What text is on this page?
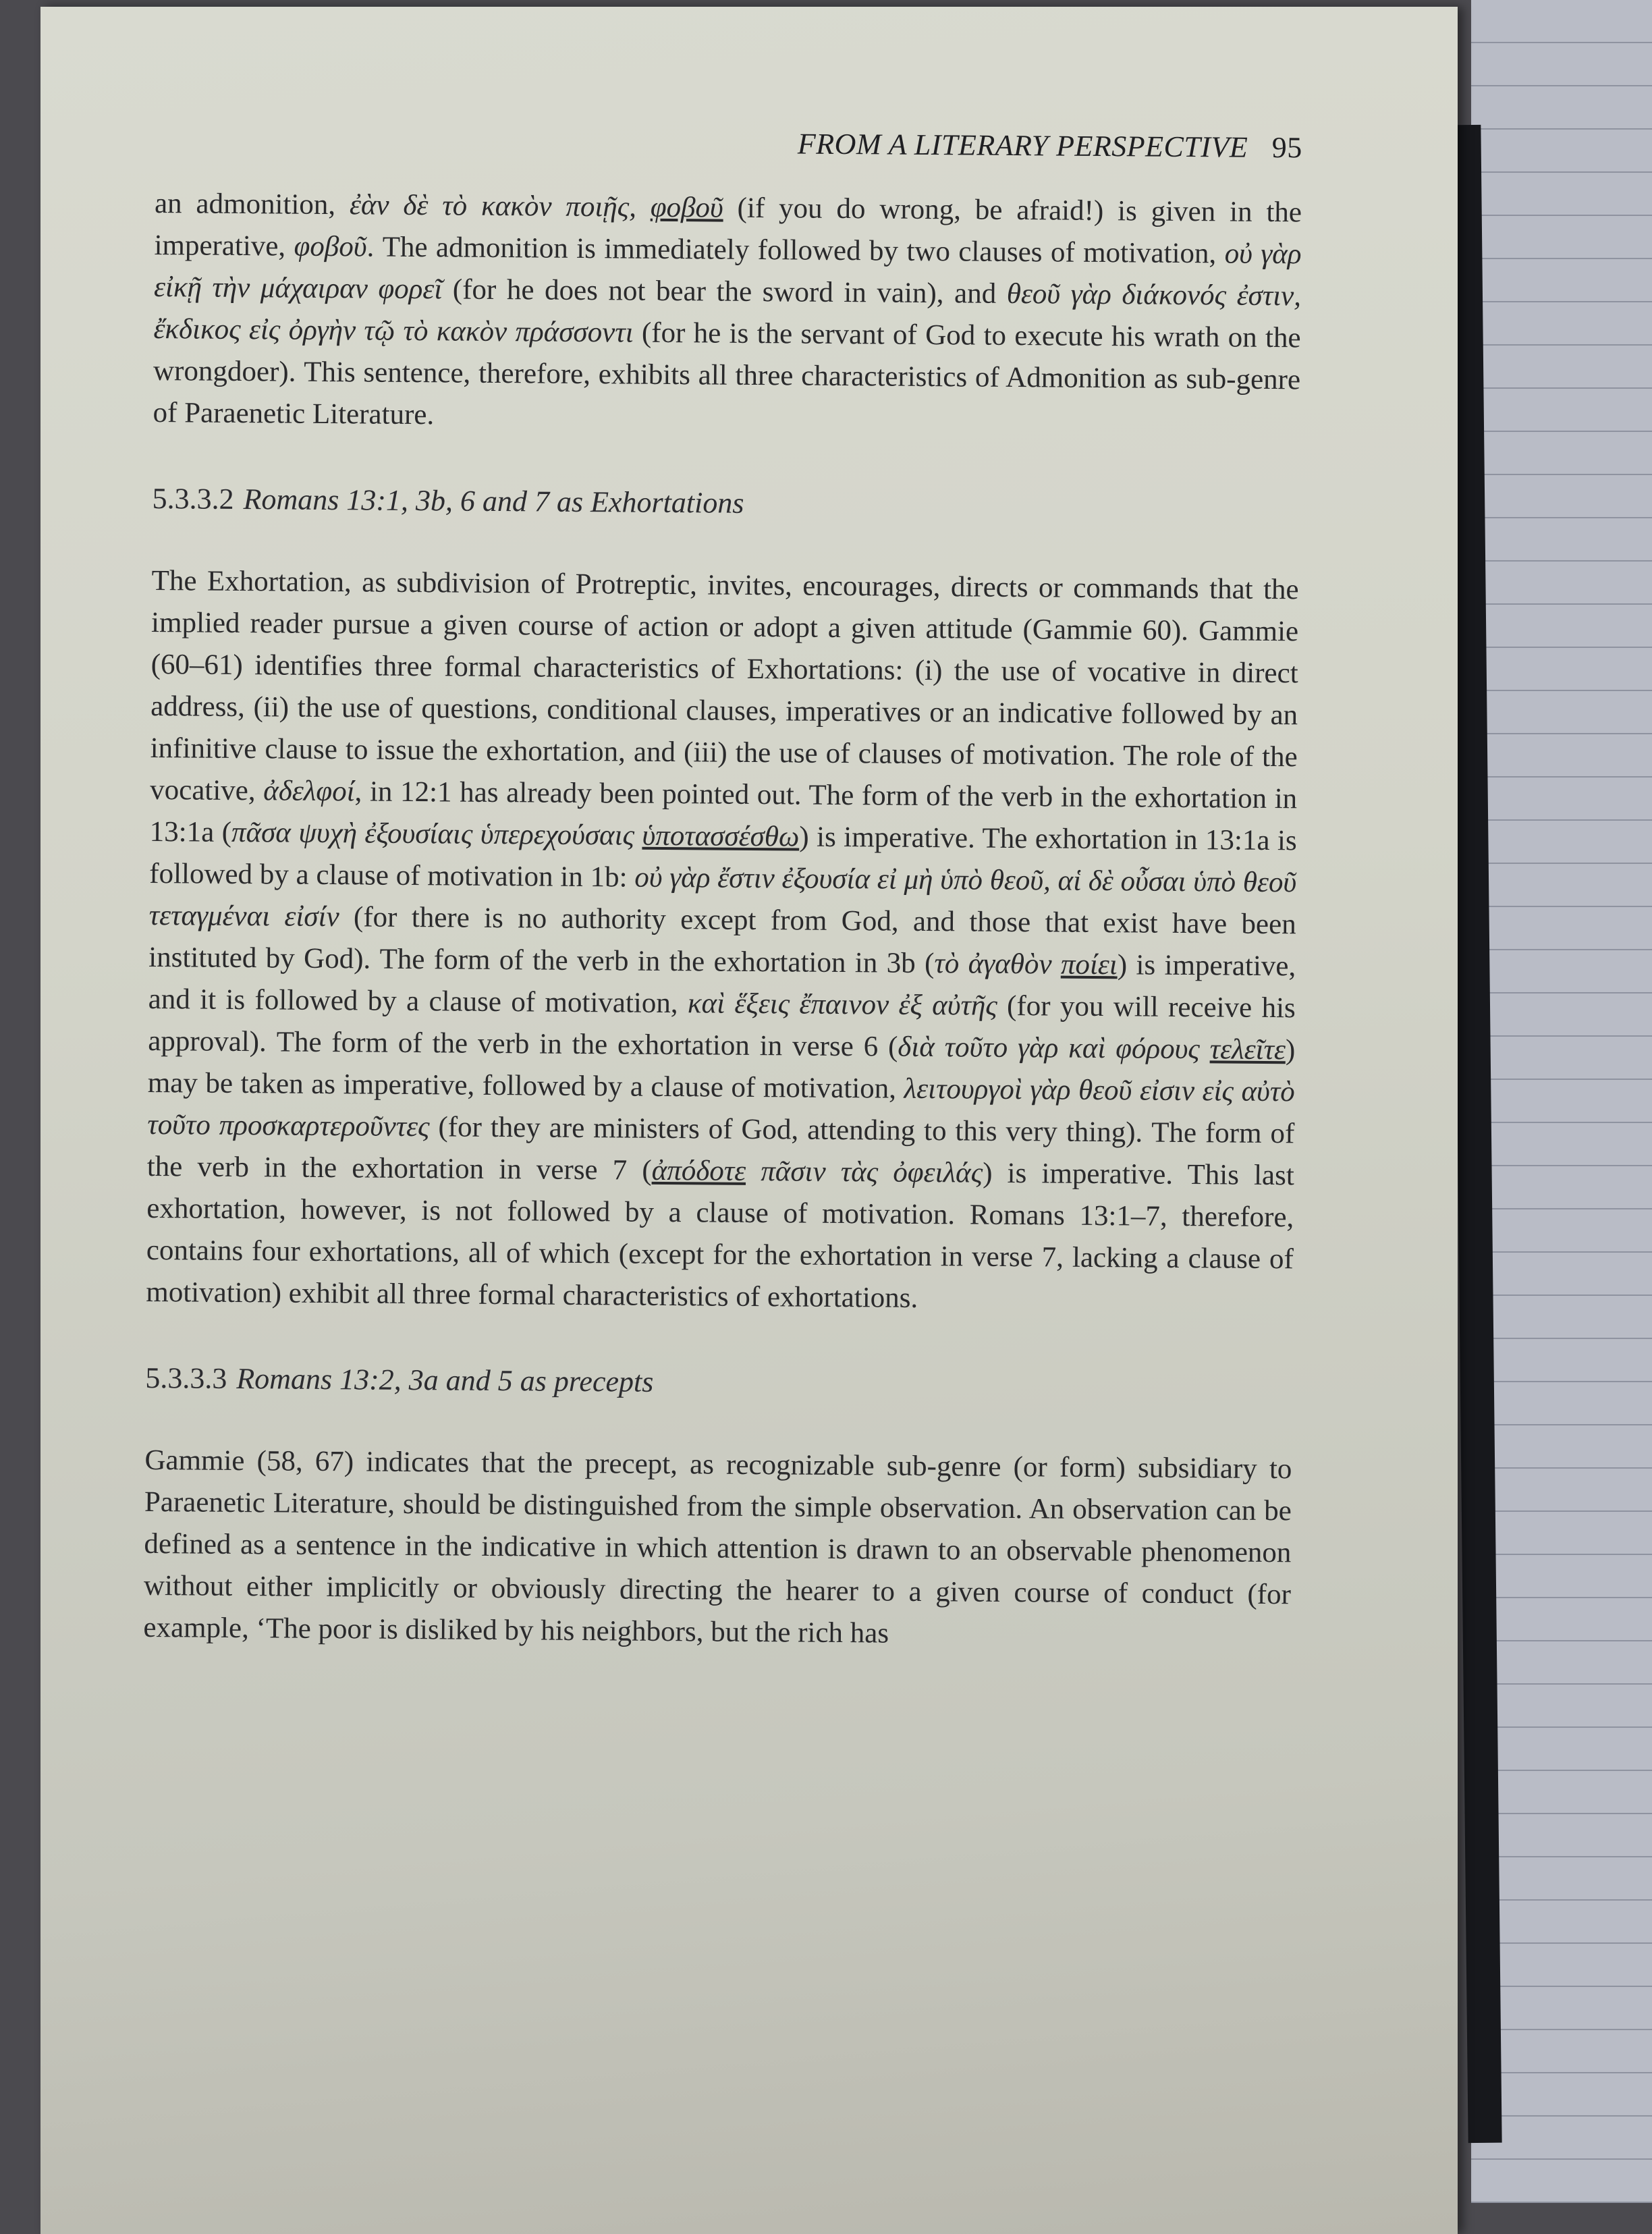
FROM A LITERARY PERSPECTIVE 95

an admonition, ἐὰν δὲ τὸ κακὸν ποιῇς, φοβοῦ (if you do wrong, be afraid!) is given in the imperative, φοβοῦ. The admonition is immediately followed by two clauses of motivation, οὐ γὰρ εἰκῇ τὴν μάχαιραν φορεῖ (for he does not bear the sword in vain), and θεοῦ γὰρ διάκονός ἐστιν, ἔκδικος εἰς ὀργὴν τῷ τὸ κακὸν πράσσοντι (for he is the servant of God to execute his wrath on the wrongdoer). This sentence, therefore, exhibits all three characteristics of Admonition as sub-genre of Paraenetic Literature.

5.3.3.2 Romans 13:1, 3b, 6 and 7 as Exhortations

The Exhortation, as subdivision of Protreptic, invites, encourages, directs or commands that the implied reader pursue a given course of action or adopt a given attitude (Gammie 60). Gammie (60–61) identifies three formal characteristics of Exhortations: (i) the use of vocative in direct address, (ii) the use of questions, conditional clauses, imperatives or an indicative followed by an infinitive clause to issue the exhortation, and (iii) the use of clauses of motivation. The role of the vocative, ἀδελφοί, in 12:1 has already been pointed out. The form of the verb in the exhortation in 13:1a (πᾶσα ψυχὴ ἐξουσίαις ὑπερεχούσαις ὑποτασσέσθω) is imperative. The exhortation in 13:1a is followed by a clause of motivation in 1b: οὐ γὰρ ἔστιν ἐξουσία εἰ μὴ ὑπὸ θεοῦ, αἱ δὲ οὖσαι ὑπὸ θεοῦ τεταγμέναι εἰσίν (for there is no authority except from God, and those that exist have been instituted by God). The form of the verb in the exhortation in 3b (τὸ ἀγαθὸν ποίει) is imperative, and it is followed by a clause of motivation, καὶ ἕξεις ἔπαινον ἐξ αὐτῆς (for you will receive his approval). The form of the verb in the exhortation in verse 6 (διὰ τοῦτο γὰρ καὶ φόρους τελεῖτε) may be taken as imperative, followed by a clause of motivation, λειτουργοὶ γὰρ θεοῦ εἰσιν εἰς αὐτὸ τοῦτο προσκαρτεροῦντες (for they are ministers of God, attending to this very thing). The form of the verb in the exhortation in verse 7 (ἀπόδοτε πᾶσιν τὰς ὀφειλάς) is imperative. This last exhortation, however, is not followed by a clause of motivation. Romans 13:1–7, therefore, contains four exhortations, all of which (except for the exhortation in verse 7, lacking a clause of motivation) exhibit all three formal characteristics of exhortations.

5.3.3.3 Romans 13:2, 3a and 5 as precepts

Gammie (58, 67) indicates that the precept, as recognizable sub-genre (or form) subsidiary to Paraenetic Literature, should be distinguished from the simple observation. An observation can be defined as a sentence in the indicative in which attention is drawn to an observable phenomenon without either implicitly or obviously directing the hearer to a given course of conduct (for example, ‘The poor is disliked by his neighbors, but the rich has
